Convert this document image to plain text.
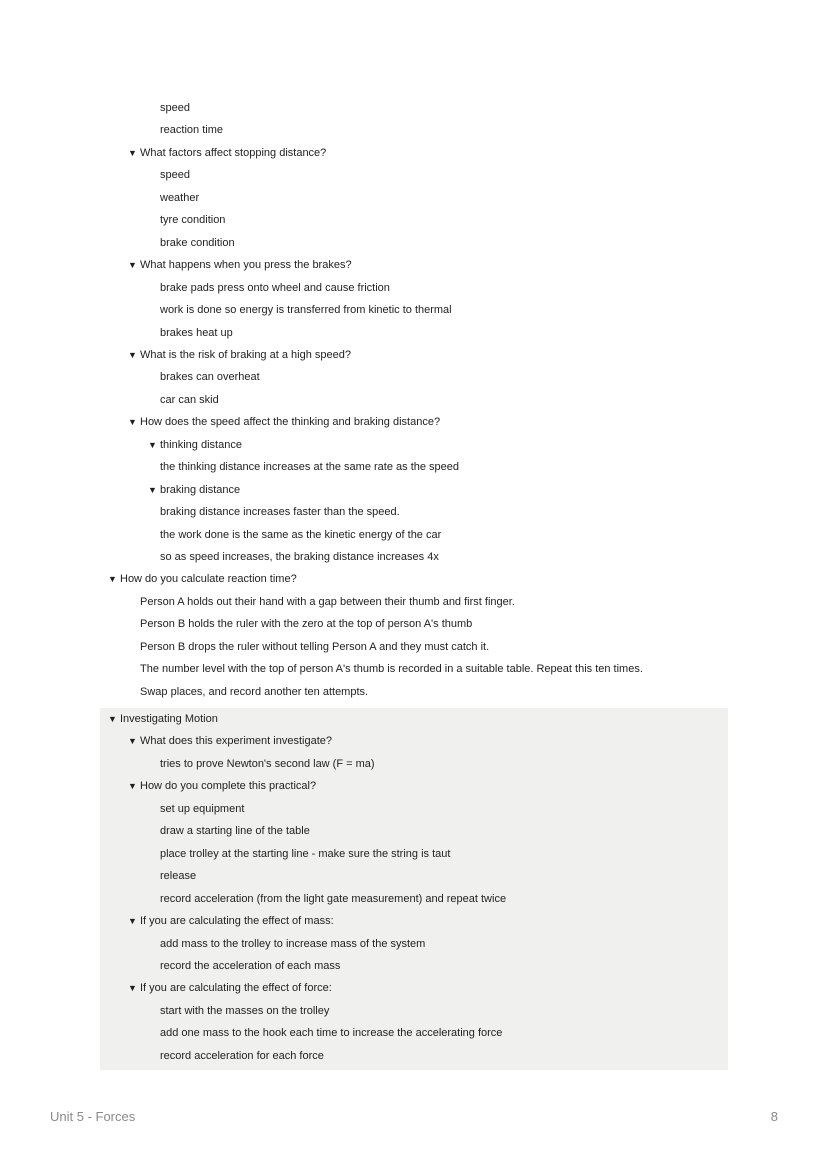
speed
reaction time
▼ What factors affect stopping distance?
speed
weather
tyre condition
brake condition
▼ What happens when you press the brakes?
brake pads press onto wheel and cause friction
work is done so energy is transferred from kinetic to thermal
brakes heat up
▼ What is the risk of braking at a high speed?
brakes can overheat
car can skid
▼ How does the speed affect the thinking and braking distance?
▼ thinking distance
the thinking distance increases at the same rate as the speed
▼ braking distance
braking distance increases faster than the speed.
the work done is the same as the kinetic energy of the car
so as speed increases, the braking distance increases 4x
▼ How do you calculate reaction time?
Person A holds out their hand with a gap between their thumb and first finger.
Person B holds the ruler with the zero at the top of person A's thumb
Person B drops the ruler without telling Person A and they must catch it.
The number level with the top of person A's thumb is recorded in a suitable table. Repeat this ten times.
Swap places, and record another ten attempts.
▼ Investigating Motion
▼ What does this experiment investigate?
tries to prove Newton's second law (F = ma)
▼ How do you complete this practical?
set up equipment
draw a starting line of the table
place trolley at the starting line - make sure the string is taut
release
record acceleration (from the light gate measurement) and repeat twice
▼ If you are calculating the effect of mass:
add mass to the trolley to increase mass of the system
record the acceleration of each mass
▼ If you are calculating the effect of force:
start with the masses on the trolley
add one mass to the hook each time to increase the accelerating force
record acceleration for each force
Unit 5 - Forces	8
